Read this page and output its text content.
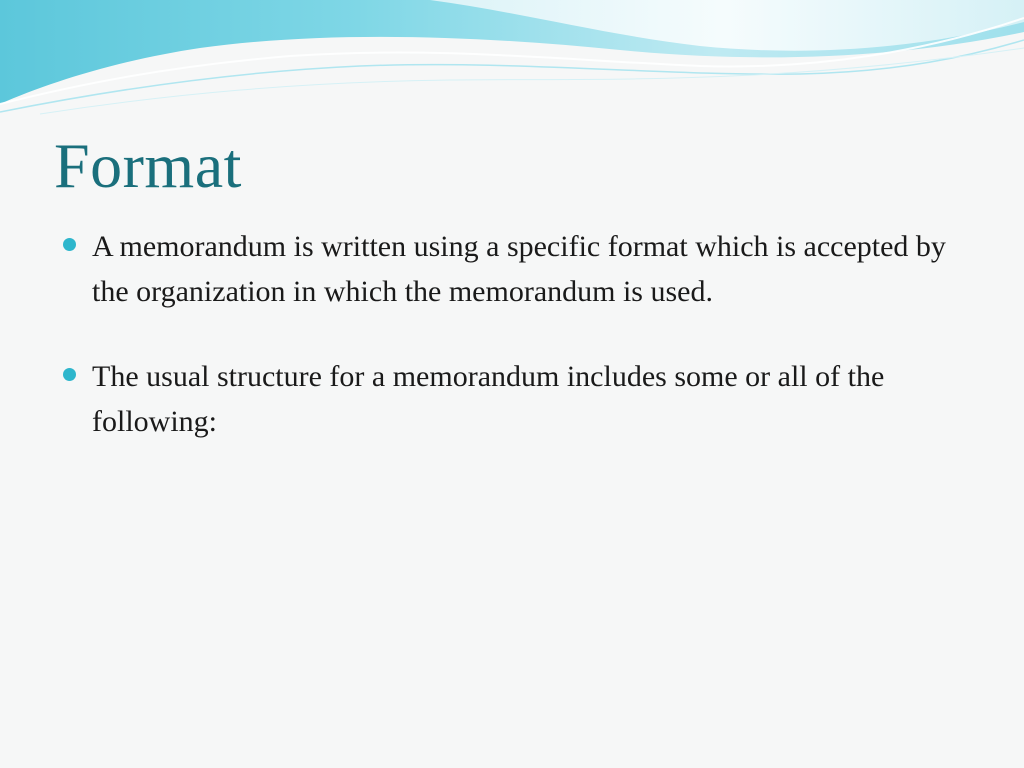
Format
A memorandum is written using a specific format which is accepted by the organization in which the memorandum is used.
The usual structure for a memorandum includes some or all of the following:
